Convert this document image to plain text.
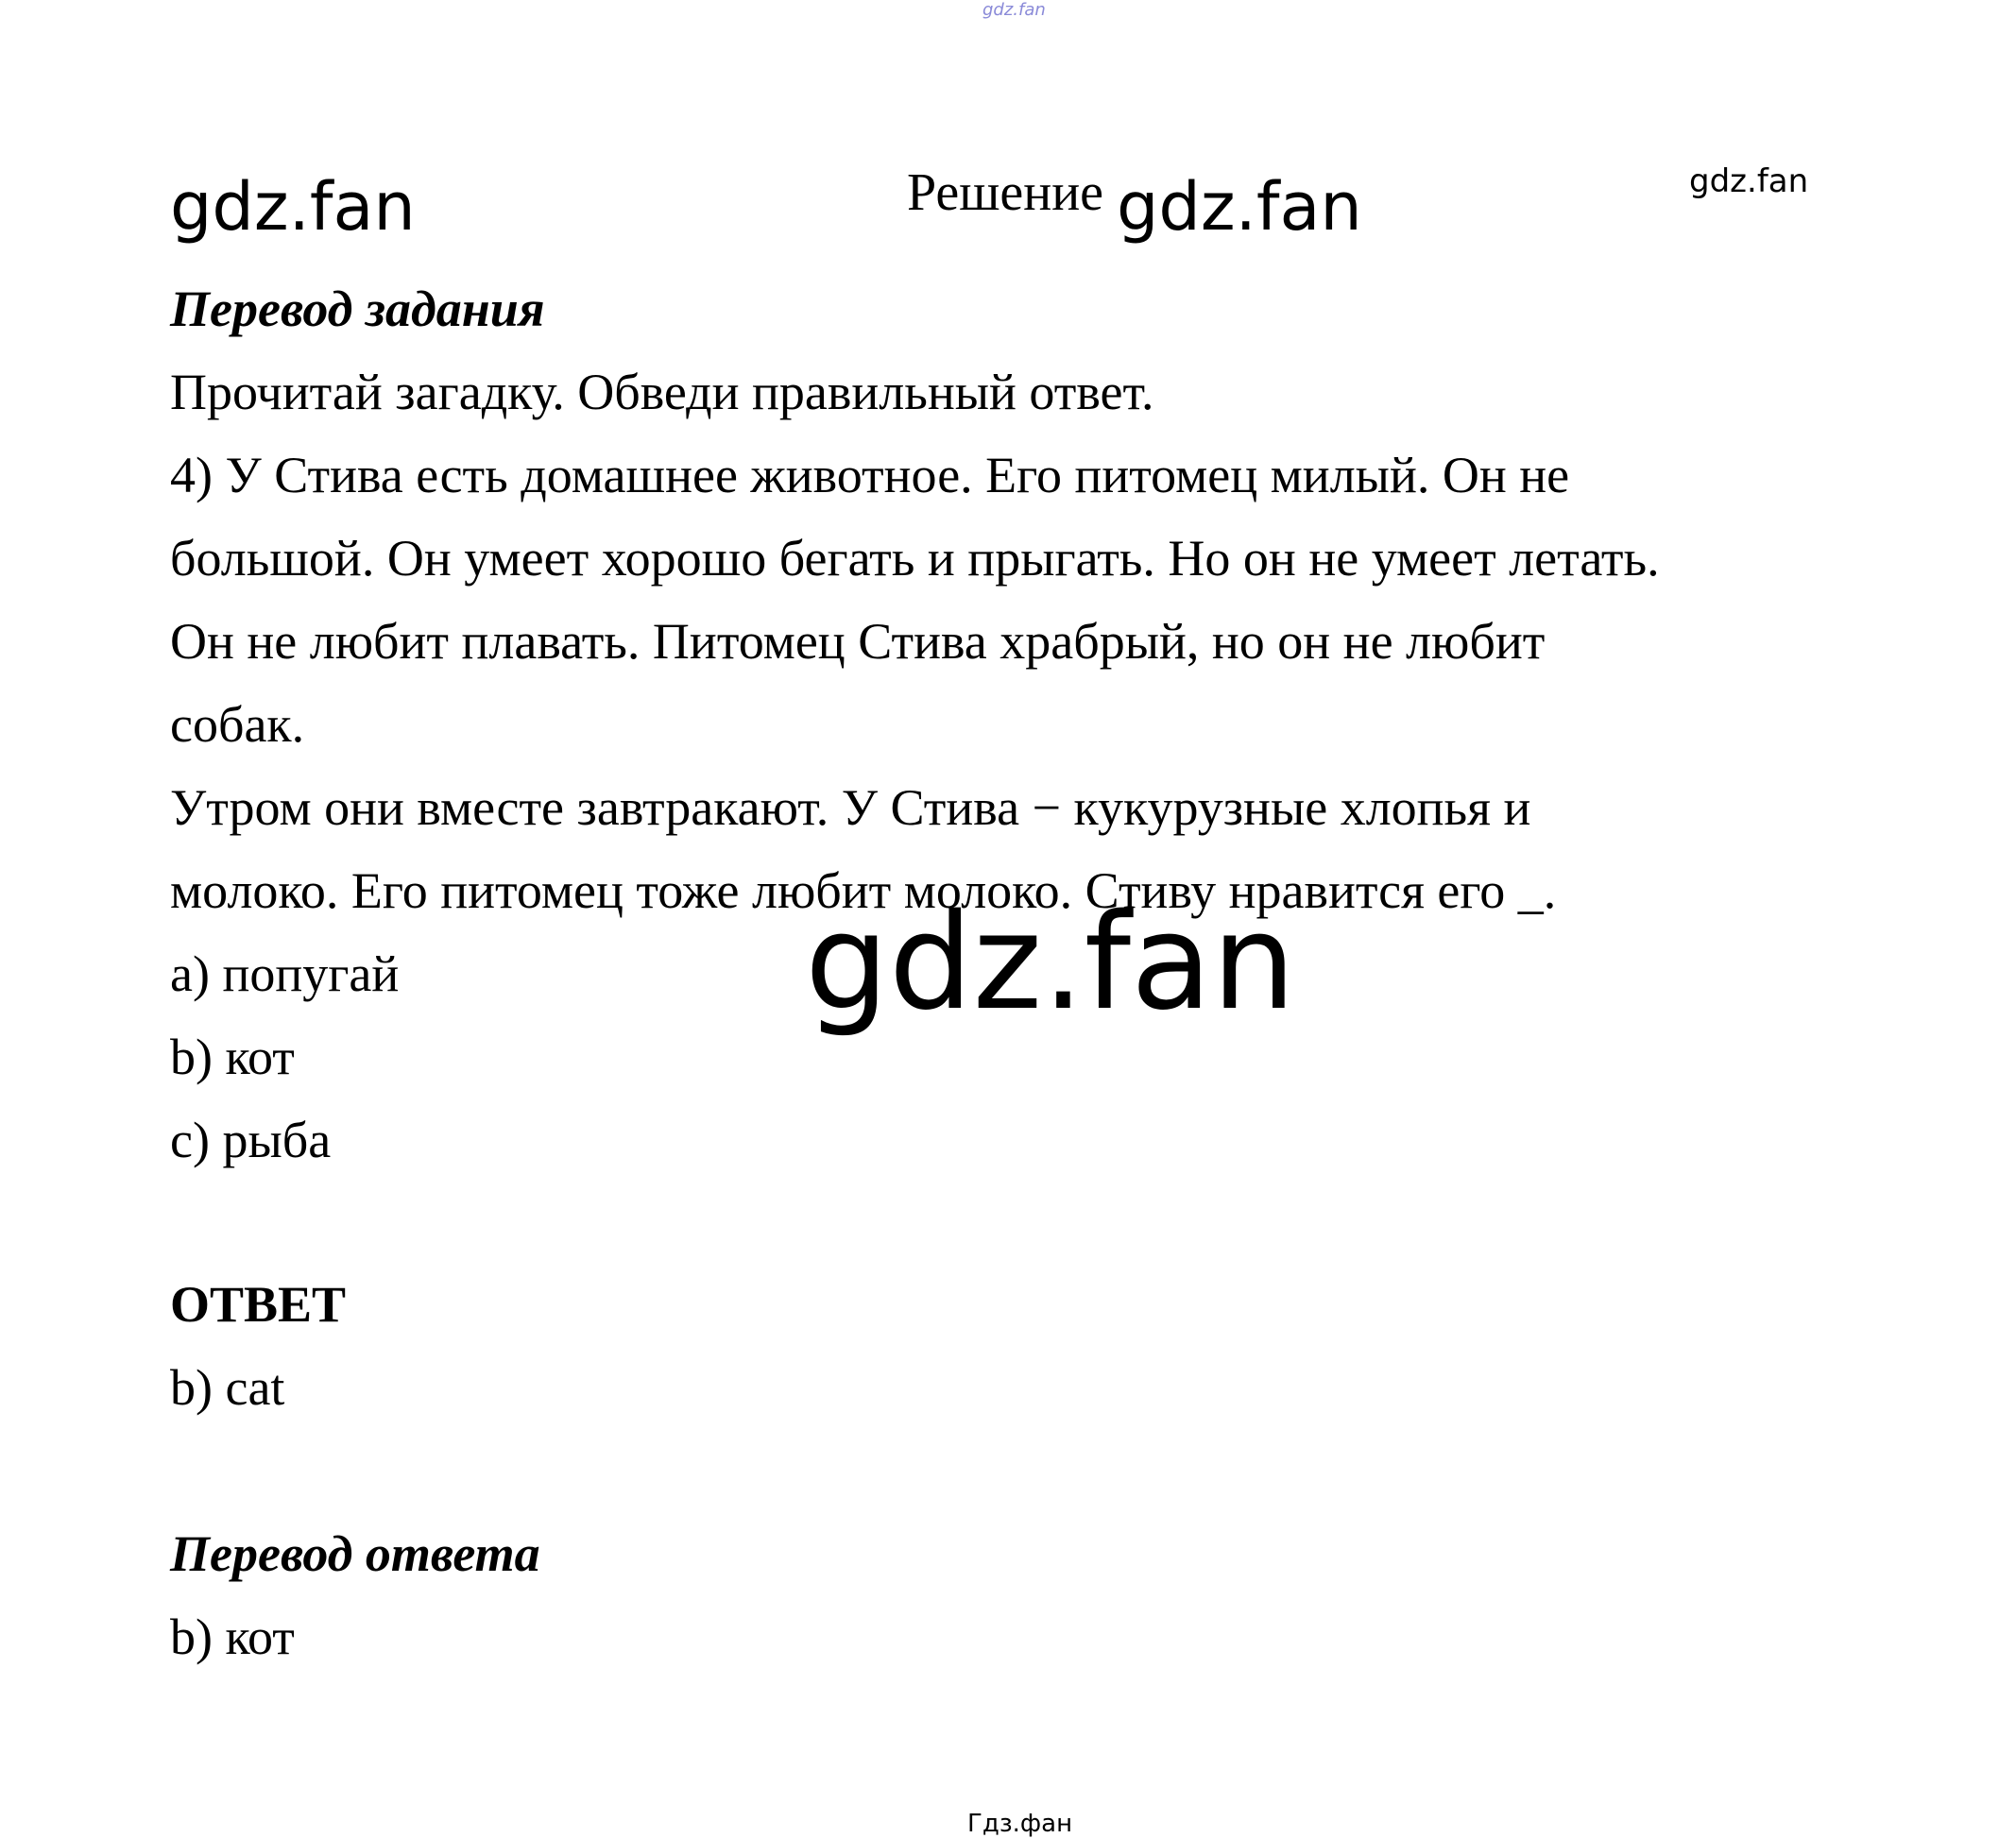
gdz.fan
gdz.fan	Решение gdz.fan	gdz.fan
Перевод задания
Прочитай загадку. Обведи правильный ответ.
4) У Стива есть домашнее животное. Его питомец милый. Он не
большой. Он умеет хорошо бегать и прыгать. Но он не умеет летать.
Он не любит плавать. Питомец Стива храбрый, но он не любит
собак.
Утром они вместе завтракают. У Стива − кукурузные хлопья и
молоко. Его питомец тоже любит молоко. Стиву нравится его _.
a) попугай
b) кот
c) рыба
ОТВЕТ
b) cat
Перевод ответа
b) кот
gdz.fan
Гдз.фан
